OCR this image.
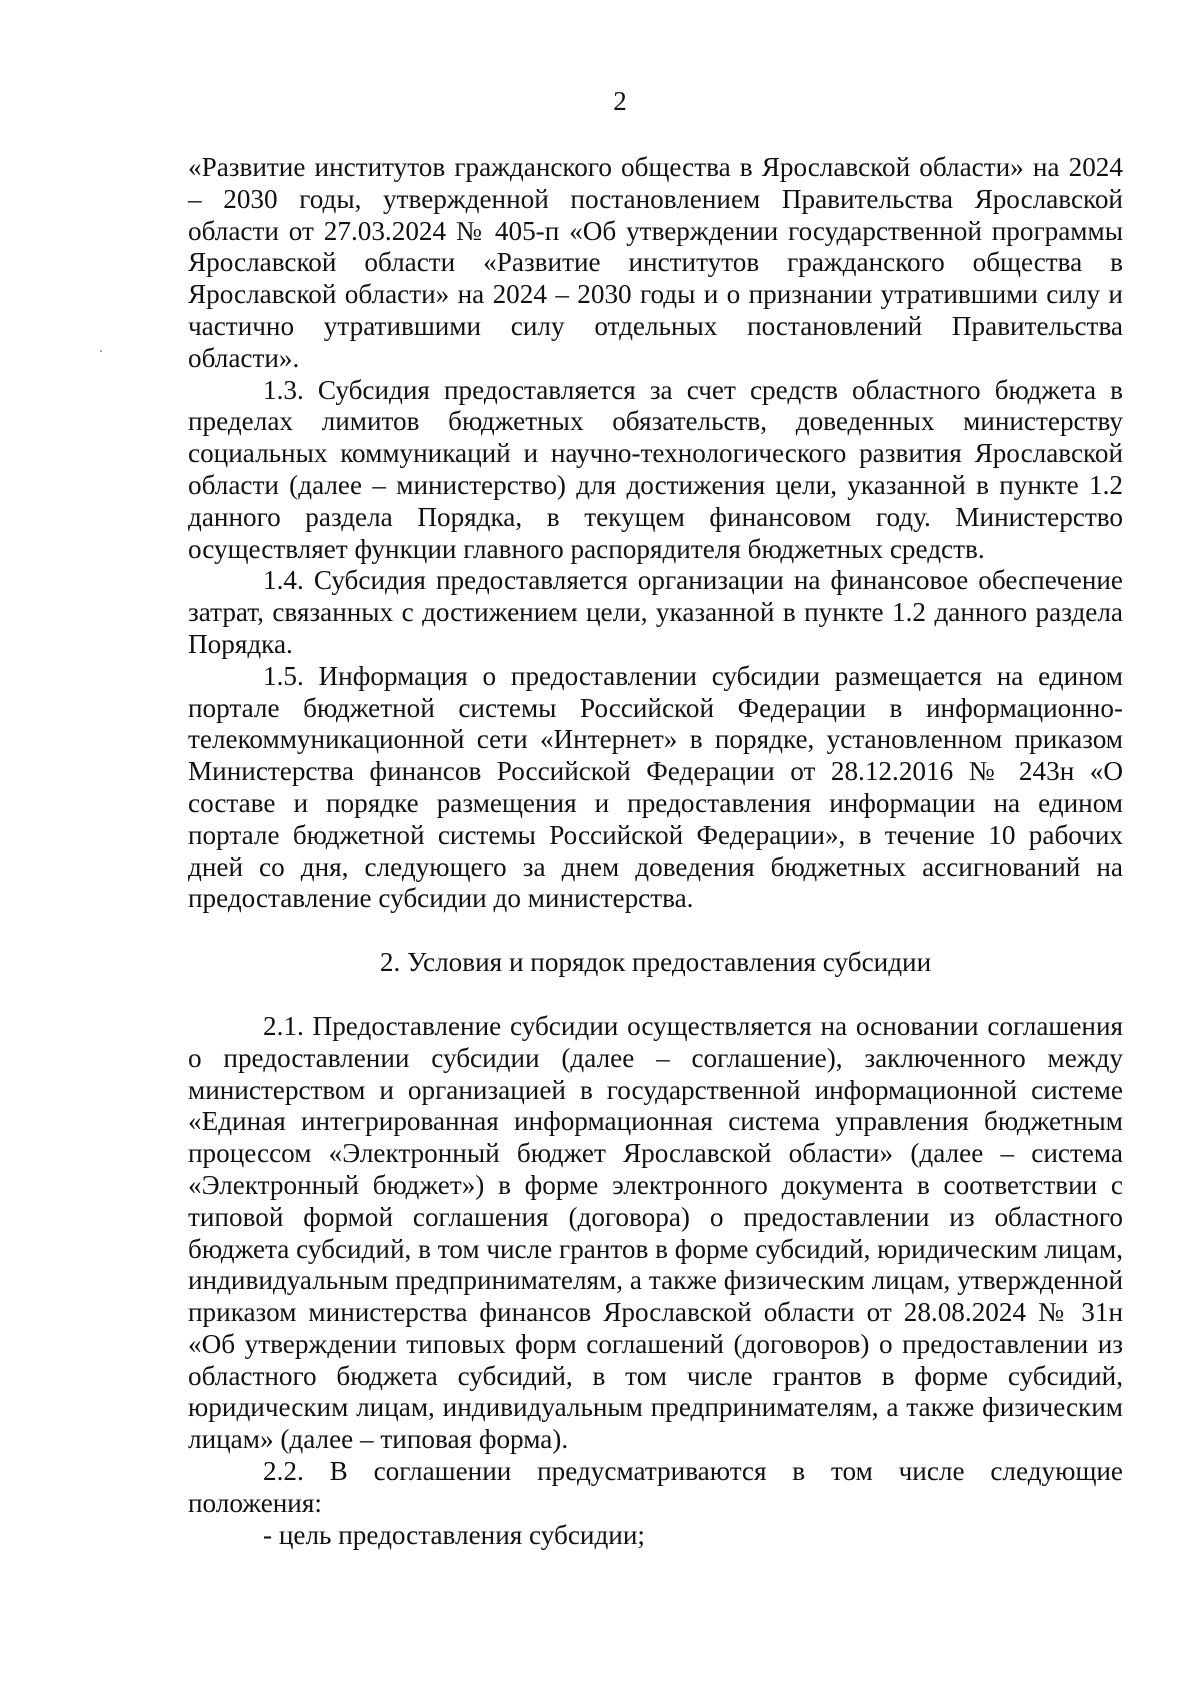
2

«Развитие институтов гражданского общества в Ярославской области» на 2024 – 2030 годы, утвержденной постановлением Правительства Ярославской области от 27.03.2024 № 405-п «Об утверждении государственной программы Ярославской области «Развитие институтов гражданского общества в Ярославской области» на 2024 – 2030 годы и о признании утратившими силу и частично утратившими силу отдельных постановлений Правительства области».

1.3. Субсидия предоставляется за счет средств областного бюджета в пределах лимитов бюджетных обязательств, доведенных министерству социальных коммуникаций и научно-технологического развития Ярославской области (далее – министерство) для достижения цели, указанной в пункте 1.2 данного раздела Порядка, в текущем финансовом году. Министерство осуществляет функции главного распорядителя бюджетных средств.

1.4. Субсидия предоставляется организации на финансовое обеспечение затрат, связанных с достижением цели, указанной в пункте 1.2 данного раздела Порядка.

1.5. Информация о предоставлении субсидии размещается на едином портале бюджетной системы Российской Федерации в информационно-телекоммуникационной сети «Интернет» в порядке, установленном приказом Министерства финансов Российской Федерации от 28.12.2016 № 243н «О составе и порядке размещения и предоставления информации на едином портале бюджетной системы Российской Федерации», в течение 10 рабочих дней со дня, следующего за днем доведения бюджетных ассигнований на предоставление субсидии до министерства.

2. Условия и порядок предоставления субсидии

2.1. Предоставление субсидии осуществляется на основании соглашения о предоставлении субсидии (далее – соглашение), заключенного между министерством и организацией в государственной информационной системе «Единая интегрированная информационная система управления бюджетным процессом «Электронный бюджет Ярославской области» (далее – система «Электронный бюджет») в форме электронного документа в соответствии с типовой формой соглашения (договора) о предоставлении из областного бюджета субсидий, в том числе грантов в форме субсидий, юридическим лицам, индивидуальным предпринимателям, а также физическим лицам, утвержденной приказом министерства финансов Ярославской области от 28.08.2024 № 31н «Об утверждении типовых форм соглашений (договоров) о предоставлении из областного бюджета субсидий, в том числе грантов в форме субсидий, юридическим лицам, индивидуальным предпринимателям, а также физическим лицам» (далее – типовая форма).

2.2. В соглашении предусматриваются в том числе следующие положения:

- цель предоставления субсидии;
